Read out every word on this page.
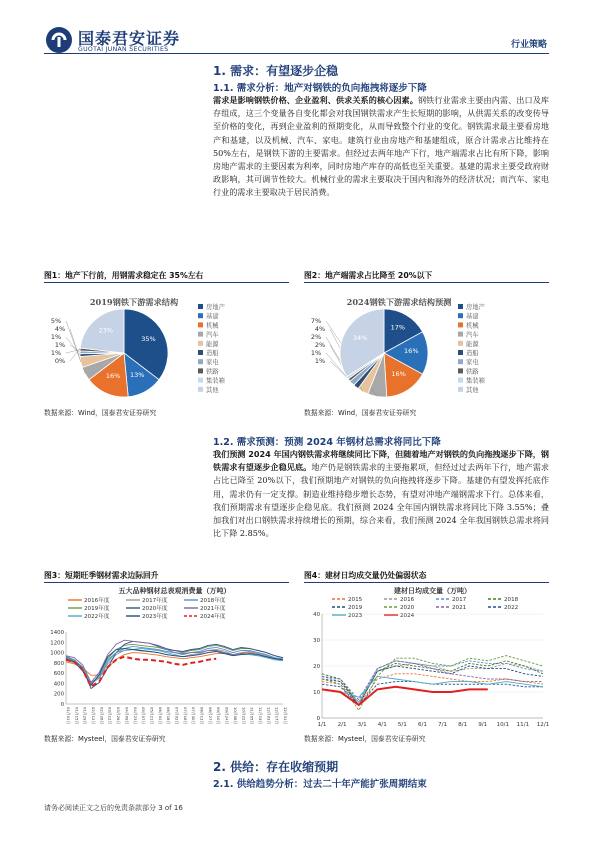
国泰君安证券
GUOTAI JUNAN SECURITIES	行业策略
1. 需求：有望逐步企稳
1.1. 需求分析：地产对钢铁的负向拖拽将逐步下降
需求是影响钢铁价格、企业盈利、供求关系的核心因素。钢铁行业需求主要由内需、出口及库存组成，这三个变量各自变化都会对我国钢铁需求产生长短期的影响，从供需关系的改变传导至价格的变化，再到企业盈利的预期变化，从而导致整个行业的变化。钢铁需求最主要看房地产和基建，以及机械、汽车、家电。建筑行业由房地产和基建组成，原合计需求占比维持在 50%左右，是钢铁下游的主要需求。但经过去两年地产下行，地产端需求占比有所下降，影响房地产需求的主要因素为利率，同时房地产库存的高低也至关重要。基建的需求主要受政府财政影响，其可调节性较大。机械行业的需求主要取决于国内和海外的经济状况；而汽车、家电行业的需求主要取决于居民消费。
图1：地产下行前，用钢需求稳定在 35%左右	图2：地产端需求占比降至 20%以下
2019钢铁下游需求结构
35%
13%
16%
5%
4%
1%
1%
1%
0%
23%
房地产
基建
机械
汽车
能源
造船
家电
铁路
集装箱
其他
2024钢铁下游需求结构预测
17%
16%
16%
7%
4%
2%
2%
1%
1%
34%
房地产
基建
机械
汽车
能源
造船
家电
铁路
集装箱
其他
数据来源：Wind，国泰君安证券研究	数据来源：Wind，国泰君安证券研究
1.2. 需求预测：预测 2024 年钢材总需求将同比下降
我们预测 2024 年国内钢铁需求将继续同比下降，但随着地产对钢铁的负向拖拽逐步下降，钢铁需求有望逐步企稳见底。地产仍是钢铁需求的主要拖累项，但经过过去两年下行，地产需求占比已降至 20%以下，我们预期地产对钢铁的负向拖拽将逐步下降。基建仍有望发挥托底作用，需求仍有一定支撑。制造业维持稳步增长态势，有望对冲地产端钢需求下行。总体来看，我们预期需求有望逐步企稳见底。我们预测 2024 全年国内钢铁需求将同比下降 3.55%；叠加我们对出口钢铁需求持续增长的预期，综合来看，我们预测 2024 全年我国钢铁总需求将同比下降 2.85%。
图3：短期旺季钢材需求边际回升	图4：建材日均成交量仍处偏弱状态
五大品种钢材总表观消费量（万吨）
2016年度	2017年度	2018年度
2019年度	2020年度	2021年度
2022年度	2023年度	2024年度
0
200
400
600
800
1000
1200
1400
01月01日 01月15日 01月29日 02月12日 02月26日 03月12日 03月26日 04月09日 04月23日 05月07日 05月21日 06月04日 06月18日 07月02日 07月16日 07月30日 08月13日 08月27日 09月10日 09月24日 10月08日 10月22日 11月05日 11月19日 12月03日 12月17日 12月31日
建材日均成交量（万吨）
2015	2016	2017	2018
2019	2020	2021	2022
2023	2024
0
10
20
30
40
1/1 2/1 3/1 4/1 5/1 6/1 7/1 8/1 9/1 10/1 11/1 12/1
数据来源：Mysteel，国泰君安证券研究	数据来源：Mysteel，国泰君安证券研究
2. 供给：存在收缩预期
2.1. 供给趋势分析：过去二十年产能扩张周期结束
请务必阅读正文之后的免责条款部分 3 of 16
